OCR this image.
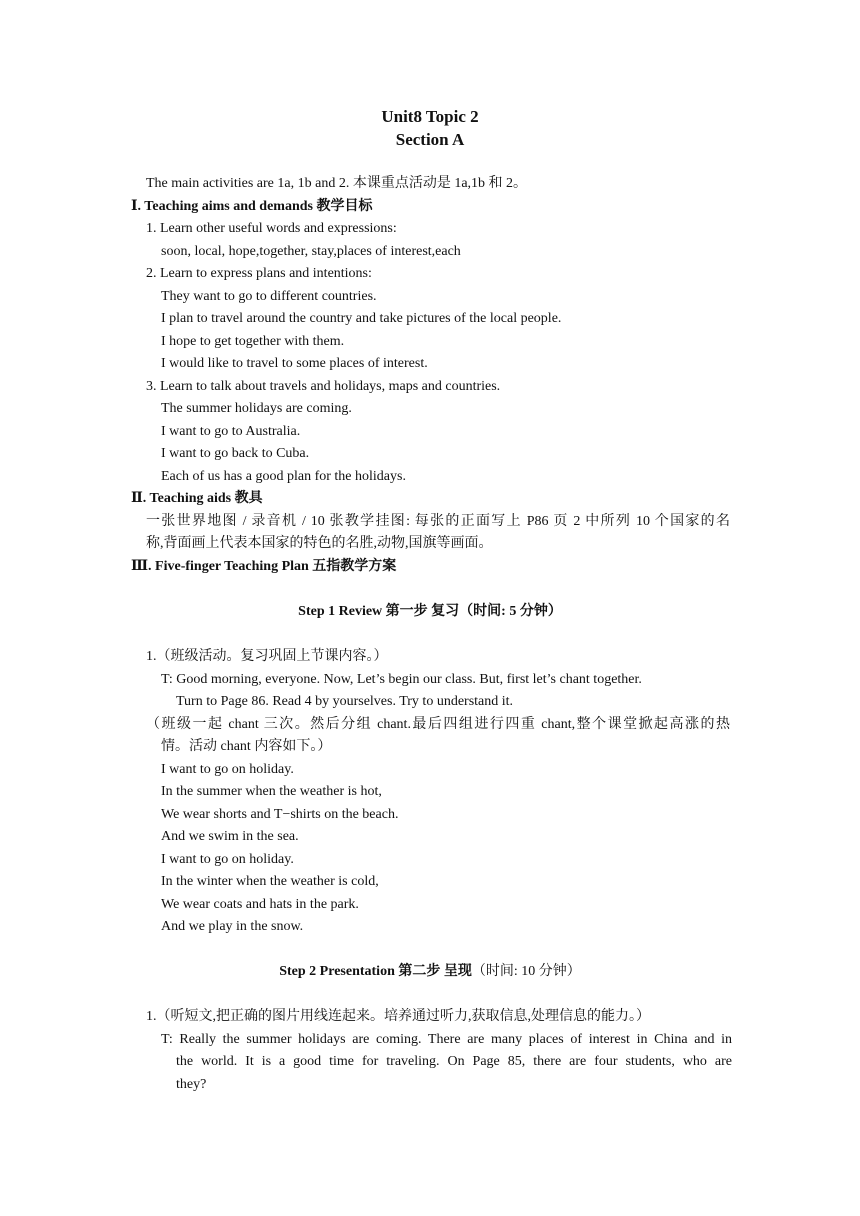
Unit8 Topic 2
Section A
The main activities are 1a, 1b and 2. 本课重点活动是 1a,1b 和 2。
Ⅰ. Teaching aims and demands 教学目标
1. Learn other useful words and expressions:
soon, local, hope,together, stay,places of interest,each
2. Learn to express plans and intentions:
They want to go to different countries.
I plan to travel around the country and take pictures of the local people.
I hope to get together with them.
I would like to travel to some places of interest.
3. Learn to talk about travels and holidays, maps and countries.
The summer holidays are coming.
I want to go to Australia.
I want to go back to Cuba.
Each of us has a good plan for the holidays.
Ⅱ. Teaching aids 教具
一张世界地图 / 录音机 / 10 张教学挂图: 每张的正面写上 P86 页 2 中所列 10 个国家的名
称,背面画上代表本国家的特色的名胜,动物,国旗等画面。
Ⅲ. Five-finger Teaching Plan 五指教学方案
Step 1 Review 第一步 复习（时间: 5 分钟）
1.（班级活动。复习巩固上节课内容。）
T: Good morning, everyone. Now, Let’s begin our class. But, first let’s chant together.
Turn to Page 86. Read 4 by yourselves. Try to understand it.
（班级一起 chant 三次。然后分组 chant.最后四组进行四重 chant,整个课堂掀起高涨的热
情。活动 chant 内容如下。）
I want to go on holiday.
In the summer when the weather is hot,
We wear shorts and T−shirts on the beach.
And we swim in the sea.
I want to go on holiday.
In the winter when the weather is cold,
We wear coats and hats in the park.
And we play in the snow.
Step 2 Presentation 第二步 呈现（时间: 10 分钟）
1.（听短文,把正确的图片用线连起来。培养通过听力,获取信息,处理信息的能力。）
T: Really the summer holidays are coming. There are many places of interest in China and in
the world. It is a good time for traveling. On Page 85, there are four students, who are
they?
